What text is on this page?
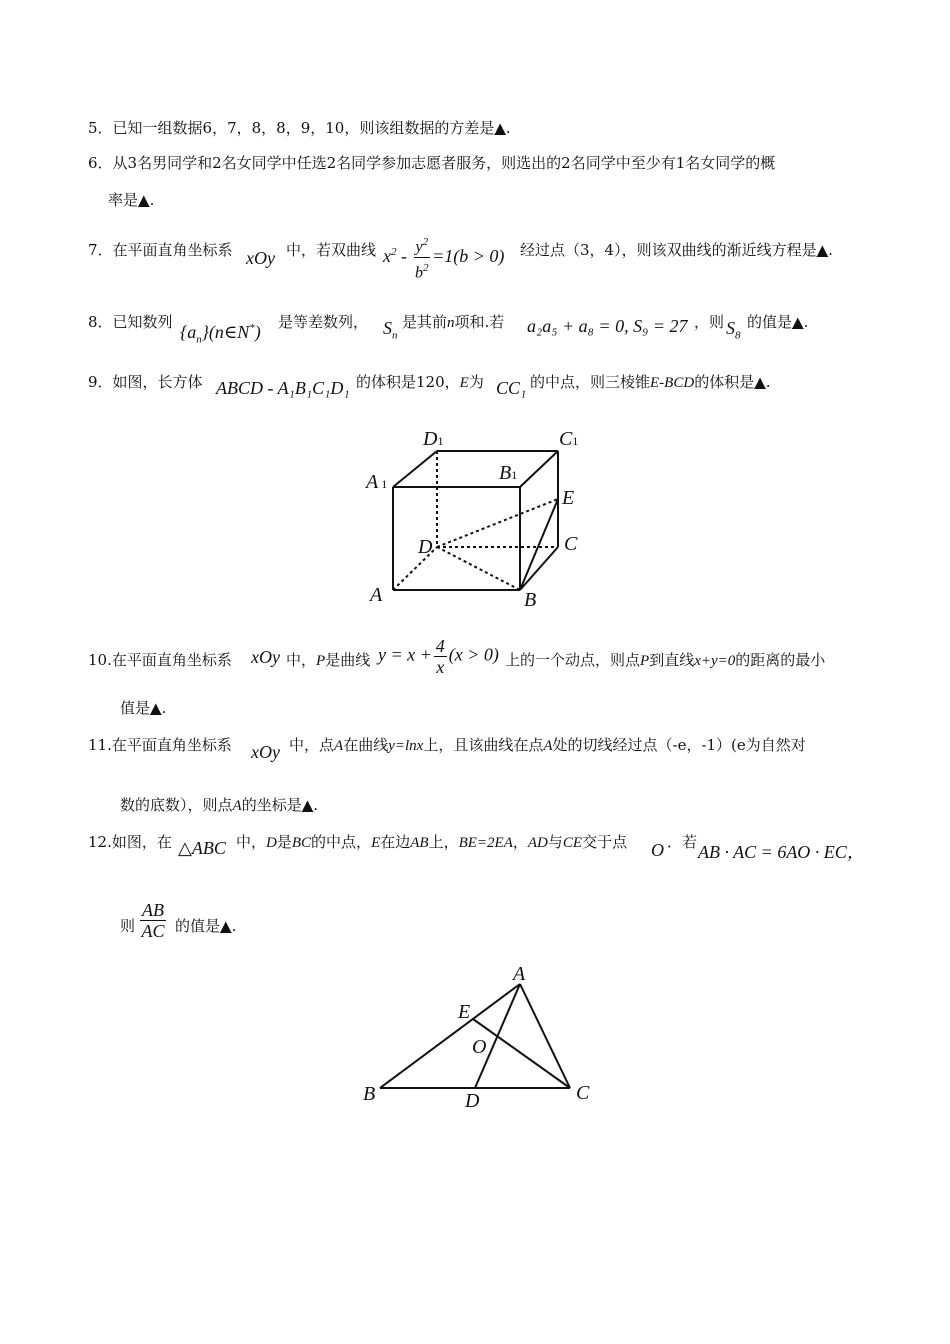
5．已知一组数据6，7，8，8，9，10，则该组数据的方差是▲.
6．从3名男同学和2名女同学中任选2名同学参加志愿者服务，则选出的2名同学中至少有1名女同学的概
率是▲.
7．在平面直角坐标系 xOy 中，若双曲线 $x^2 - \frac{y^2}{b^2} =1(b > 0)$ 经过点（3，4），则该双曲线的渐近线方程是▲.
8．已知数列 $\{a_n\}(n\in N^*)$ 是等差数列， $S_n$
是其前n项和.若 a₂a₅ + a₈ = 0, S₉ = 27 ，则 $S_8$
的值是▲.
9．如图，长方体 ABCD - A₁B₁C₁D₁ 的体积是120，E为 CC₁ 的中点，则三棱锥E-BCD的体积是▲.
D1	C1
A 1	B1
E
D	C
A	B
10.在平面直角坐标系 xOy 中，P是曲线 $y = x + \frac{4}{x} (x > 0)$ 上的一个动点，则点P到直线x+y=0的距离的最小
值是▲.
11.在平面直角坐标系 xOy 中，点A在曲线y=lnx上，且该曲线在点A处的切线经过点（-e，-1）(e为自然对
数的底数），则点A的坐标是▲.
12.如图，在 △ABC 中，D是BC的中点，E在边AB上，BE=2EA，AD与CE交于点 O ．若 AB · AC = 6AO · EC，
则 $\frac{AB}{AC}$ 的值是▲.
A
E
O
B	D	C
